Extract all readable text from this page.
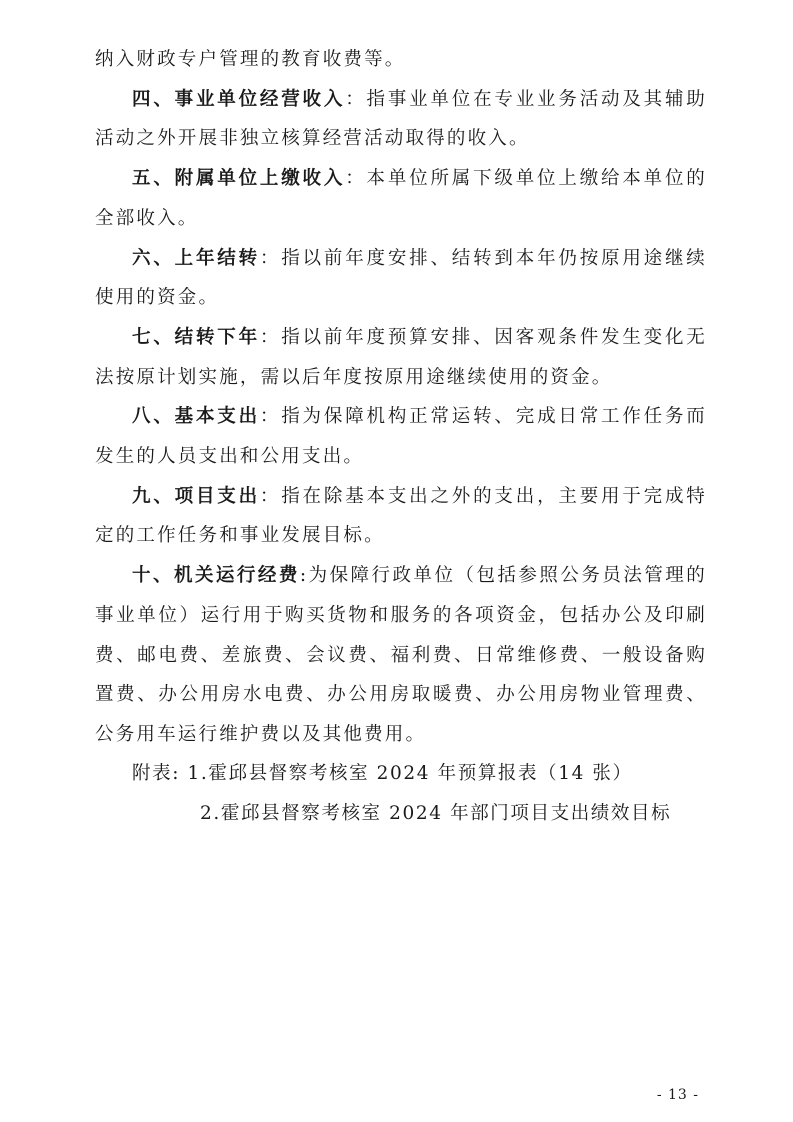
纳入财政专户管理的教育收费等。

四、事业单位经营收入：指事业单位在专业业务活动及其辅助活动之外开展非独立核算经营活动取得的收入。

五、附属单位上缴收入：本单位所属下级单位上缴给本单位的全部收入。

六、上年结转：指以前年度安排、结转到本年仍按原用途继续使用的资金。

七、结转下年：指以前年度预算安排、因客观条件发生变化无法按原计划实施，需以后年度按原用途继续使用的资金。

八、基本支出：指为保障机构正常运转、完成日常工作任务而发生的人员支出和公用支出。

九、项目支出：指在除基本支出之外的支出，主要用于完成特定的工作任务和事业发展目标。

十、机关运行经费:为保障行政单位（包括参照公务员法管理的事业单位）运行用于购买货物和服务的各项资金，包括办公及印刷费、邮电费、差旅费、会议费、福利费、日常维修费、一般设备购置费、办公用房水电费、办公用房取暖费、办公用房物业管理费、公务用车运行维护费以及其他费用。

附表: 1.霍邱县督察考核室 2024 年预算报表（14 张）
2.霍邱县督察考核室 2024 年部门项目支出绩效目标
- 13 -
